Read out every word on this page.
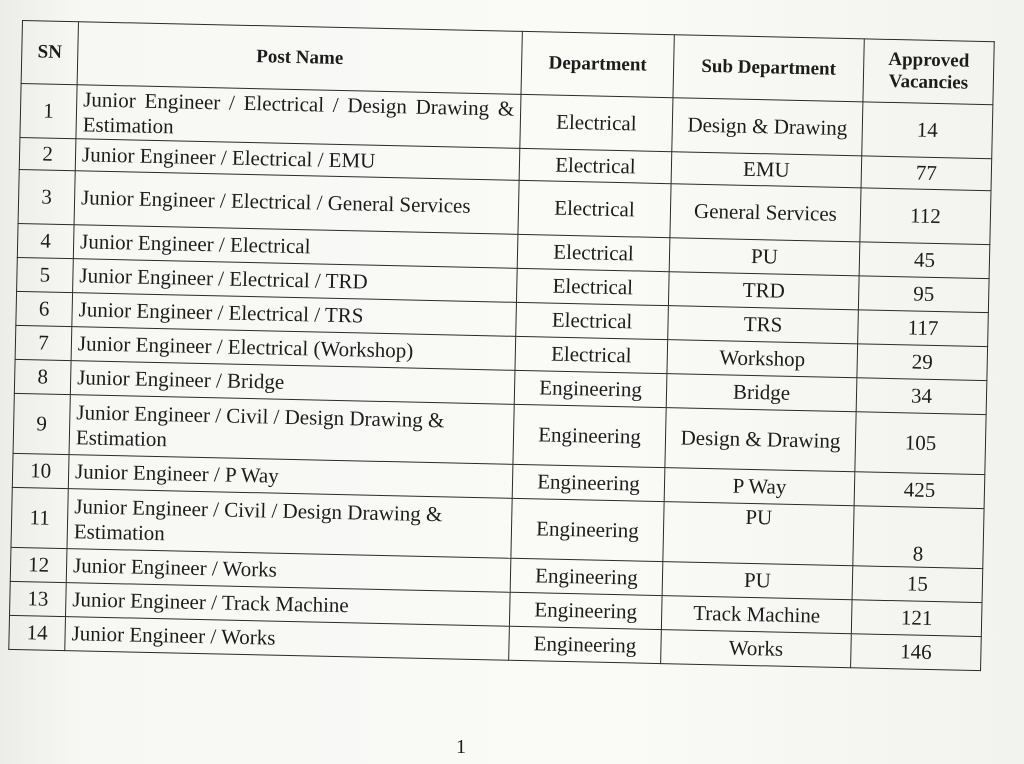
SN	Post Name	Department	Sub Department	Approved Vacancies
1	Junior Engineer / Electrical / Design Drawing & Estimation	Electrical	Design & Drawing	14
2	Junior Engineer / Electrical / EMU	Electrical	EMU	77
3	Junior Engineer / Electrical / General Services	Electrical	General Services	112
4	Junior Engineer / Electrical	Electrical	PU	45
5	Junior Engineer / Electrical / TRD	Electrical	TRD	95
6	Junior Engineer / Electrical / TRS	Electrical	TRS	117
7	Junior Engineer / Electrical (Workshop)	Electrical	Workshop	29
8	Junior Engineer / Bridge	Engineering	Bridge	34
9	Junior Engineer / Civil / Design Drawing & Estimation	Engineering	Design & Drawing	105
10	Junior Engineer / P Way	Engineering	P Way	425
11	Junior Engineer / Civil / Design Drawing & Estimation	Engineering	PU	8
12	Junior Engineer / Works	Engineering	PU	15
13	Junior Engineer / Track Machine	Engineering	Track Machine	121
14	Junior Engineer / Works	Engineering	Works	146
1
